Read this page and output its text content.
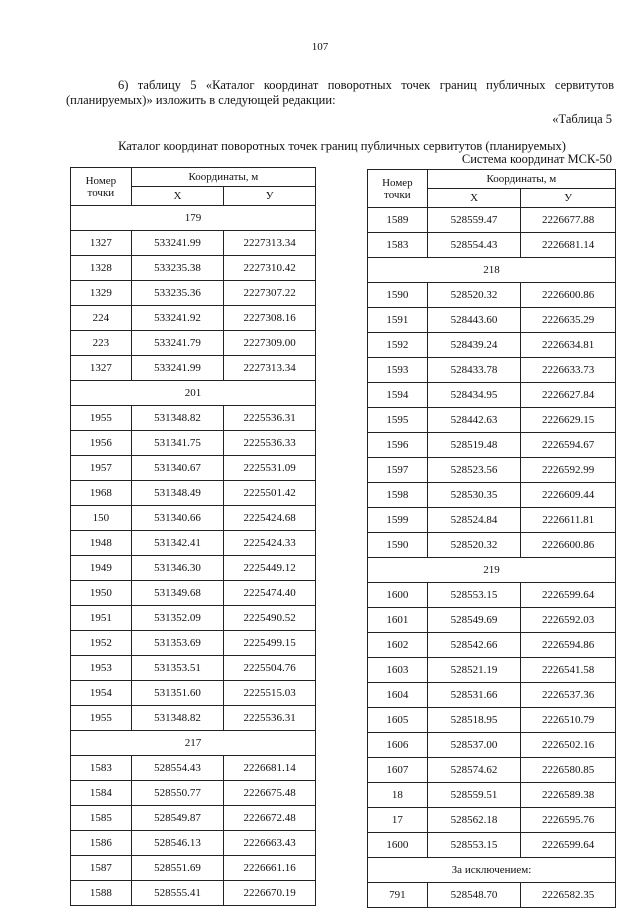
107
6) таблицу 5 «Каталог координат поворотных точек границ публичных сервитутов
(планируемых)» изложить в следующей редакции:
«Таблица 5
Каталог координат поворотных точек границ публичных сервитутов (планируемых)
Система координат МСК-50
Номер точки	Координаты, м	
	Х	У
179		
1327	533241.99	2227313.34
1328	533235.38	2227310.42
1329	533235.36	2227307.22
224	533241.92	2227308.16
223	533241.79	2227309.00
1327	533241.99	2227313.34
201		
1955	531348.82	2225536.31
1956	531341.75	2225536.33
1957	531340.67	2225531.09
1968	531348.49	2225501.42
150	531340.66	2225424.68
1948	531342.41	2225424.33
1949	531346.30	2225449.12
1950	531349.68	2225474.40
1951	531352.09	2225490.52
1952	531353.69	2225499.15
1953	531353.51	2225504.76
1954	531351.60	2225515.03
1955	531348.82	2225536.31
217		
1583	528554.43	2226681.14
1584	528550.77	2226675.48
1585	528549.87	2226672.48
1586	528546.13	2226663.43
1587	528551.69	2226661.16
1588	528555.41	2226670.19
Номер точки	Координаты, м	
	Х	У
1589	528559.47	2226677.88
1583	528554.43	2226681.14
218		
1590	528520.32	2226600.86
1591	528443.60	2226635.29
1592	528439.24	2226634.81
1593	528433.78	2226633.73
1594	528434.95	2226627.84
1595	528442.63	2226629.15
1596	528519.48	2226594.67
1597	528523.56	2226592.99
1598	528530.35	2226609.44
1599	528524.84	2226611.81
1590	528520.32	2226600.86
219		
1600	528553.15	2226599.64
1601	528549.69	2226592.03
1602	528542.66	2226594.86
1603	528521.19	2226541.58
1604	528531.66	2226537.36
1605	528518.95	2226510.79
1606	528537.00	2226502.16
1607	528574.62	2226580.85
18	528559.51	2226589.38
17	528562.18	2226595.76
1600	528553.15	2226599.64
За исключением:		
791	528548.70	2226582.35
